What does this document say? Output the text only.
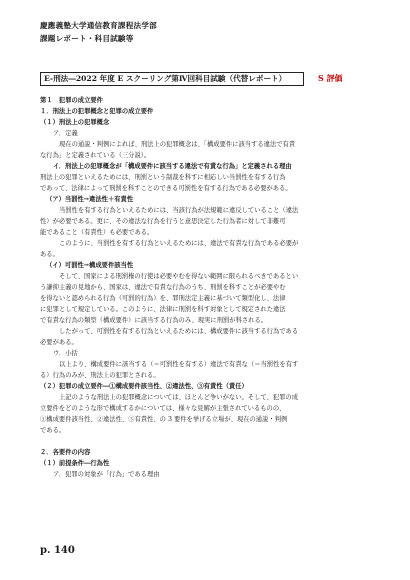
慶應義塾大学通信教育課程法学部
課題レポート・科目試験等
E-刑法―2022 年度 E スクーリング第Ⅳ回科目試験（代替レポート）	S 評価
第１　犯罪の成立要件
１．刑法上の犯罪概念と犯罪の成立要件
（１）刑法上の犯罪概念
ア．定義
現在の通説・判例によれば、刑法上の犯罪概念は、「構成要件に該当する違法で有責
な行為」と定義されている（三分説）。
イ．刑法上の犯罪概念が「構成要件に該当する違法で有責な行為」と定義される理由
刑法上の犯罪といえるためには、刑罰という制裁を科すに相応しい当罰性を有する行為
であって、法律によって刑罰を科すことのできる可罰性を有する行為である必要がある。
（ア）当罰性→違法性＋有責性
当罰性を有する行為といえるためには、当該行為が法規範に違反していること（違法
性）が必要である。更に、その違法な行為を行うと意思決定した行為者に対して非難可
能であること（有責性）も必要である。
このように、当罰性を有する行為といえるためには、違法で有責な行為である必要が
ある。
（イ）可罰性→構成要件該当性
そして、国家による刑罰権の行使は必要やむを得ない範囲に限られるべきであるとい
う謙抑主義の見地から、国家は、違法で有責な行為のうち、刑罰を科すことが必要やむ
を得ないと認められる行為（可罰的行為）を、罪刑法定主義に基づいて類型化し、法律
に犯罪として規定している。このように、法律に刑罰を科す対象として規定された違法
で有責な行為の類型（構成要件）に該当する行為のみ、現実に刑罰が科される。
したがって、可罰性を有する行為といえるためには、構成要件に該当する行為である
必要がある。
ウ．小括
以上より、構成要件に該当する（＝可罰性を有する）違法で有責な（＝当罰性を有す
る）行為のみが、刑法上の犯罪とされる。
（２）犯罪の成立要件―①構成要件該当性、②違法性、③有責性（責任）
上記のような刑法上の犯罪概念については、ほとんど争いがない。そして、犯罪の成
立要件をどのような形で構成するかについては、様々な見解が主張されているものの、
①構成要件該当性、②違法性、③有責性、の 3 要件を挙げる立場が、現在の通説・判例
である。
２．各要件の内容
（１）前提条件―行為性
ア．犯罪の対象が「行為」である理由
p. 140
